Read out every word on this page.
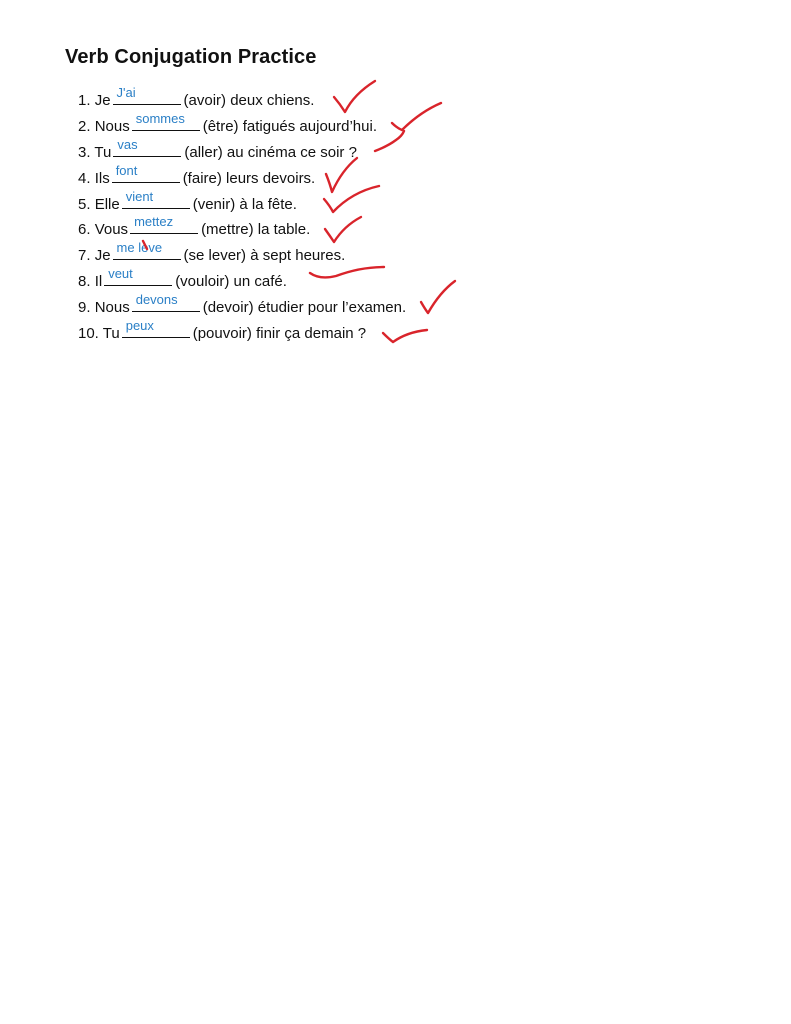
Verb Conjugation Practice
1. Je J'ai	(avoir) deux chiens.
2. Nous sommes (être) fatigués aujourd’hui.
3. Tu vas	(aller) au cinéma ce soir ?
4. Ils font	(faire) leurs devoirs.
5. Elle vient	(venir) à la fête.
6. Vous mettez (mettre) la table.
7. Je me leve (se lever) à sept heures.
8. Il veut	(vouloir) un café.
9. Nous devons (devoir) étudier pour l’examen.
10. Tu peux	(pouvoir) finir ça demain ?
